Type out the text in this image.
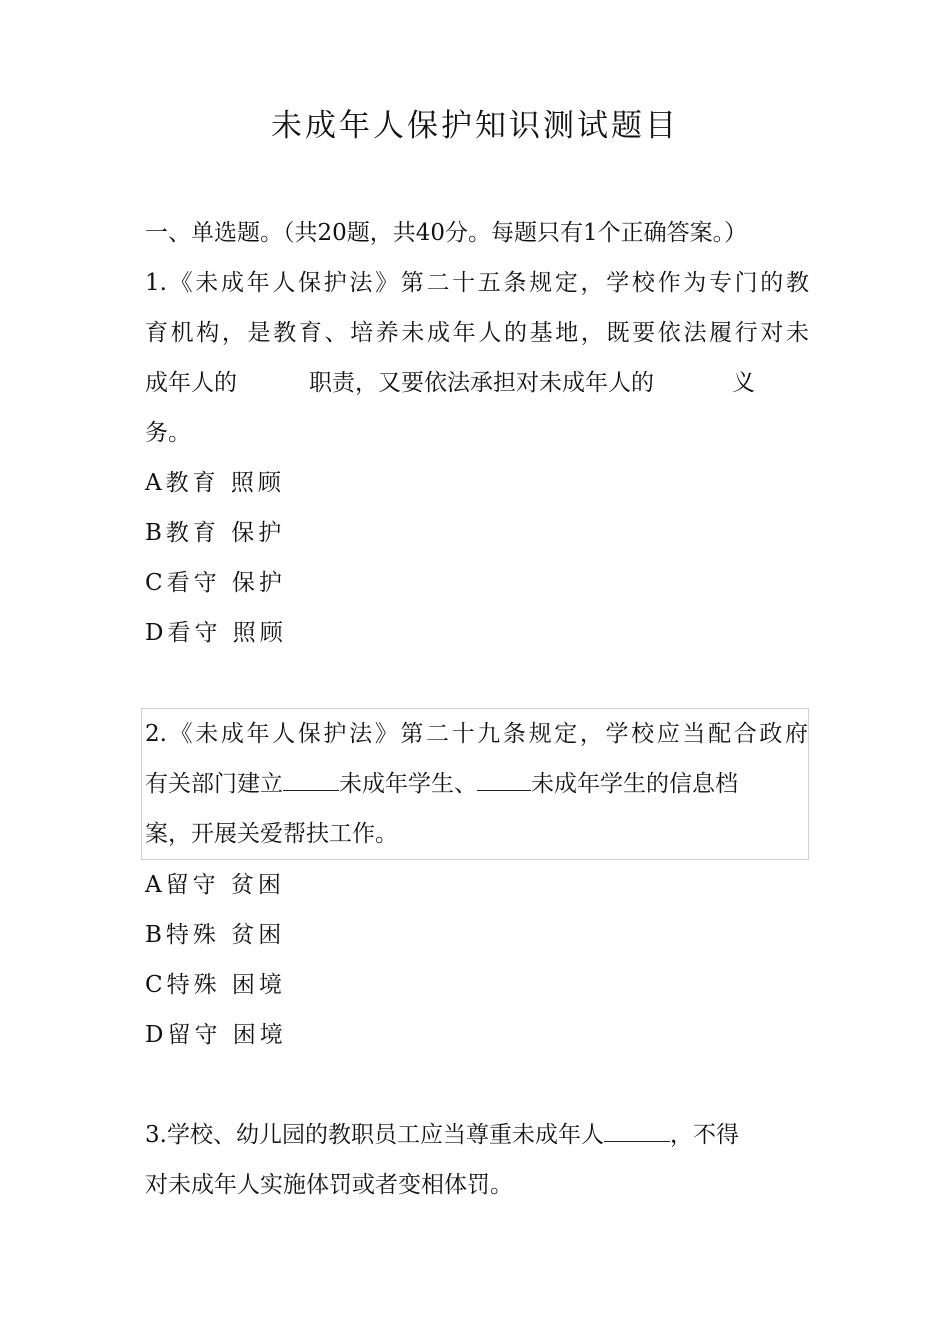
未成年人保护知识测试题目
一、单选题。（共20题，共40分。每题只有1个正确答案。）
1.《未成年人保护法》第二十五条规定，学校作为专门的教
育机构，是教育、培养未成年人的基地，既要依法履行对未
成年人的	职责，又要依法承担对未成年人的	义
务。
A教育 照顾
B教育 保护
C看守 保护
D看守 照顾
2.《未成年人保护法》第二十九条规定，学校应当配合政府
有关部门建立 未成年学生、 未成年学生的信息档
案，开展关爱帮扶工作。
A留守 贫困
B特殊 贫困
C特殊 困境
D留守 困境
3.学校、幼儿园的教职员工应当尊重未成年人	，不得
对未成年人实施体罚或者变相体罚。
